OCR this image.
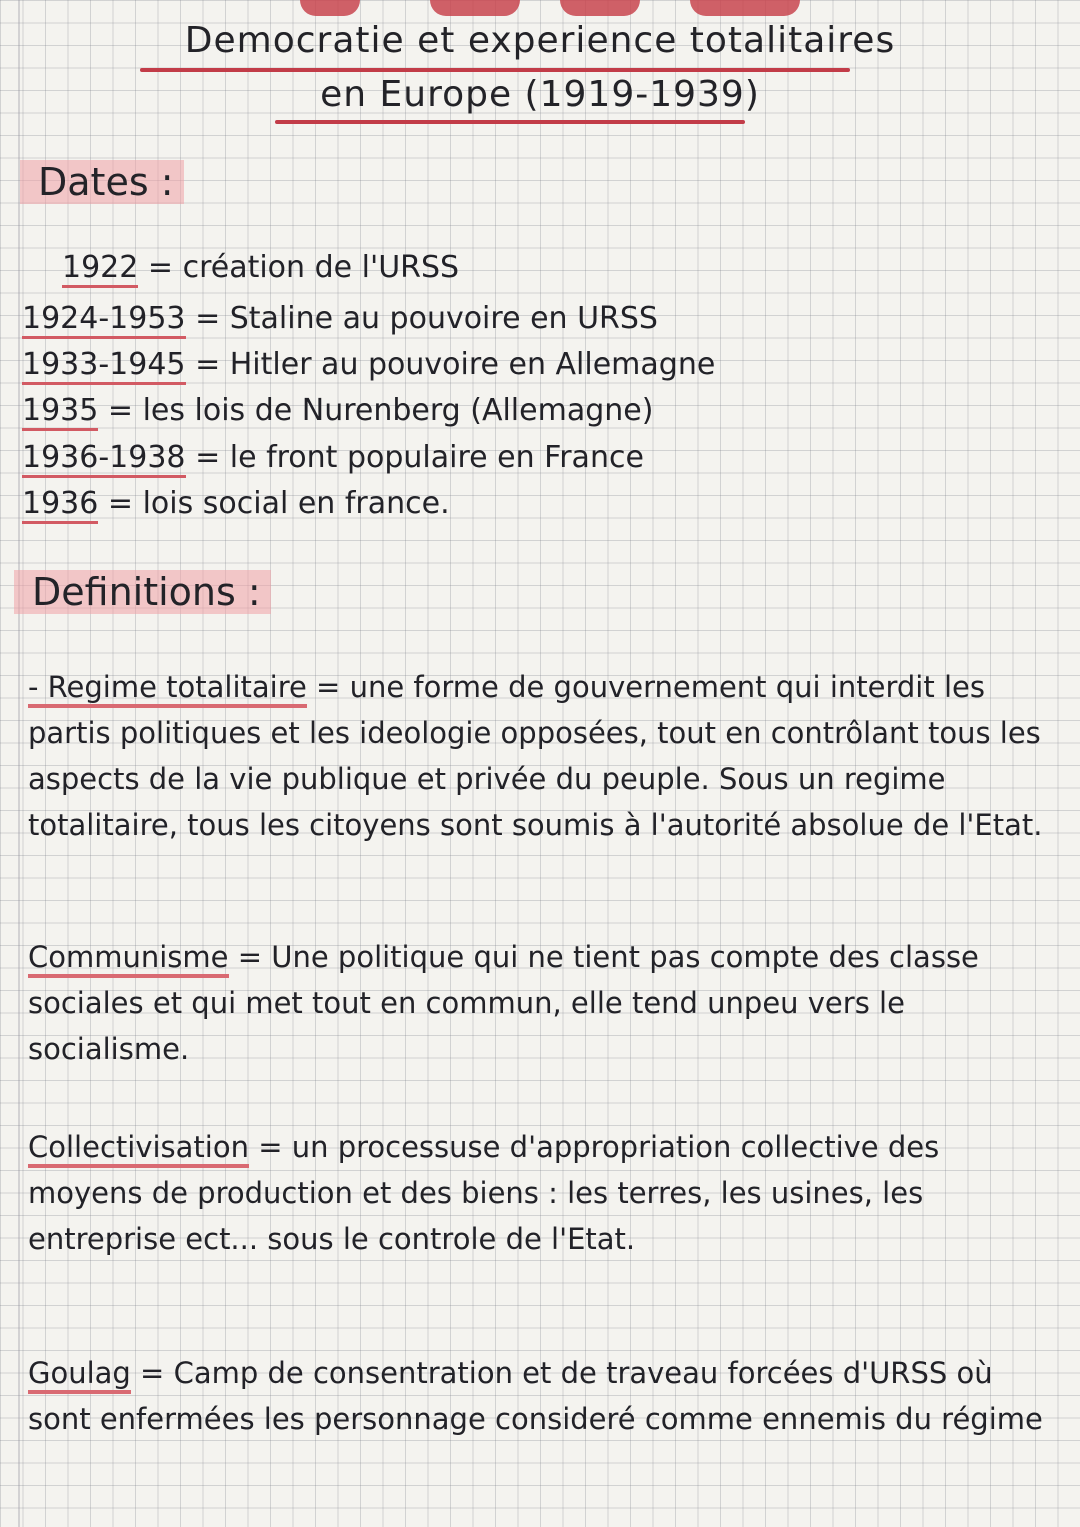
Democratie et experience totalitaires
en Europe (1919-1939)
Dates :
1922 = création de l'URSS
1924-1953 = Staline au pouvoire en URSS
1933-1945 = Hitler au pouvoire en Allemagne
1935 = les lois de Nurenberg (Allemagne)
1936-1938 = le front populaire en France
1936 = lois social en france.
Definitions :
- Regime totalitaire = une forme de gouvernement qui interdit les partis politiques et les ideologie opposées, tout en contrôlant tous les aspects de la vie publique et privée du peuple. Sous un regime totalitaire, tous les citoyens sont soumis à l'autorité absolue de l'Etat.
Communisme = Une politique qui ne tient pas compte des classe sociales et qui met tout en commun, elle tend unpeu vers le socialisme.
Collectivisation = un processuse d'appropriation collective des moyens de production et des biens : les terres, les usines, les entreprise ect... sous le controle de l'Etat.
Goulag = Camp de consentration et de traveau forcées d'URSS où sont enfermées les personnage consideré comme ennemis du régime
